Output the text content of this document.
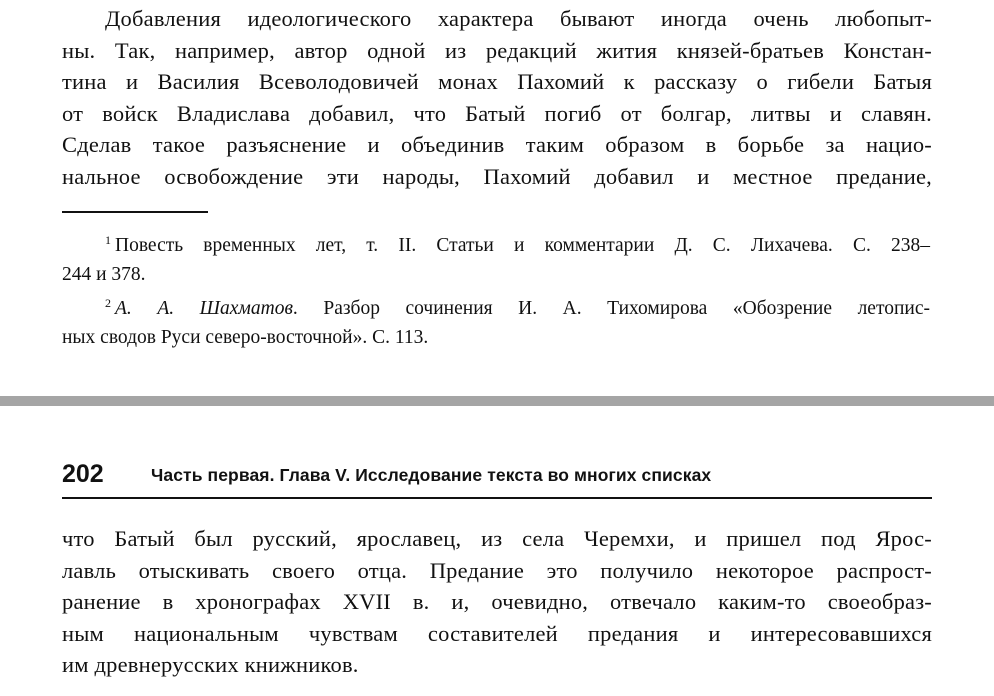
Добавления идеологического характера бывают иногда очень любопыт-
ны. Так, например, автор одной из редакций жития князей-братьев Констан-
тина и Василия Всеволодовичей монах Пахомий к рассказу о гибели Батыя
от войск Владислава добавил, что Батый погиб от болгар, литвы и славян.
Сделав такое разъяснение и объединив таким образом в борьбе за нацио-
нальное освобождение эти народы, Пахомий добавил и местное предание,

$^1$ Повесть временных лет, т. II. Статьи и комментарии Д. С. Лихачева. С. 238–
244 и 378.
$^2$ А. А. Шахматов. Разбор сочинения И. А. Тихомирова «Обозрение летопис-
ных сводов Руси северо-восточной». С. 113.
202	Часть первая. Глава V. Исследование текста во многих списках

что Батый был русский, ярославец, из села Черемхи, и пришел под Ярос-
лавль отыскивать своего отца. Предание это получило некоторое распрост-
ранение в хронографах XVII в. и, очевидно, отвечало каким-то своеобраз-
ным национальным чувствам составителей предания и интересовавшихся
им древнерусских книжников.
